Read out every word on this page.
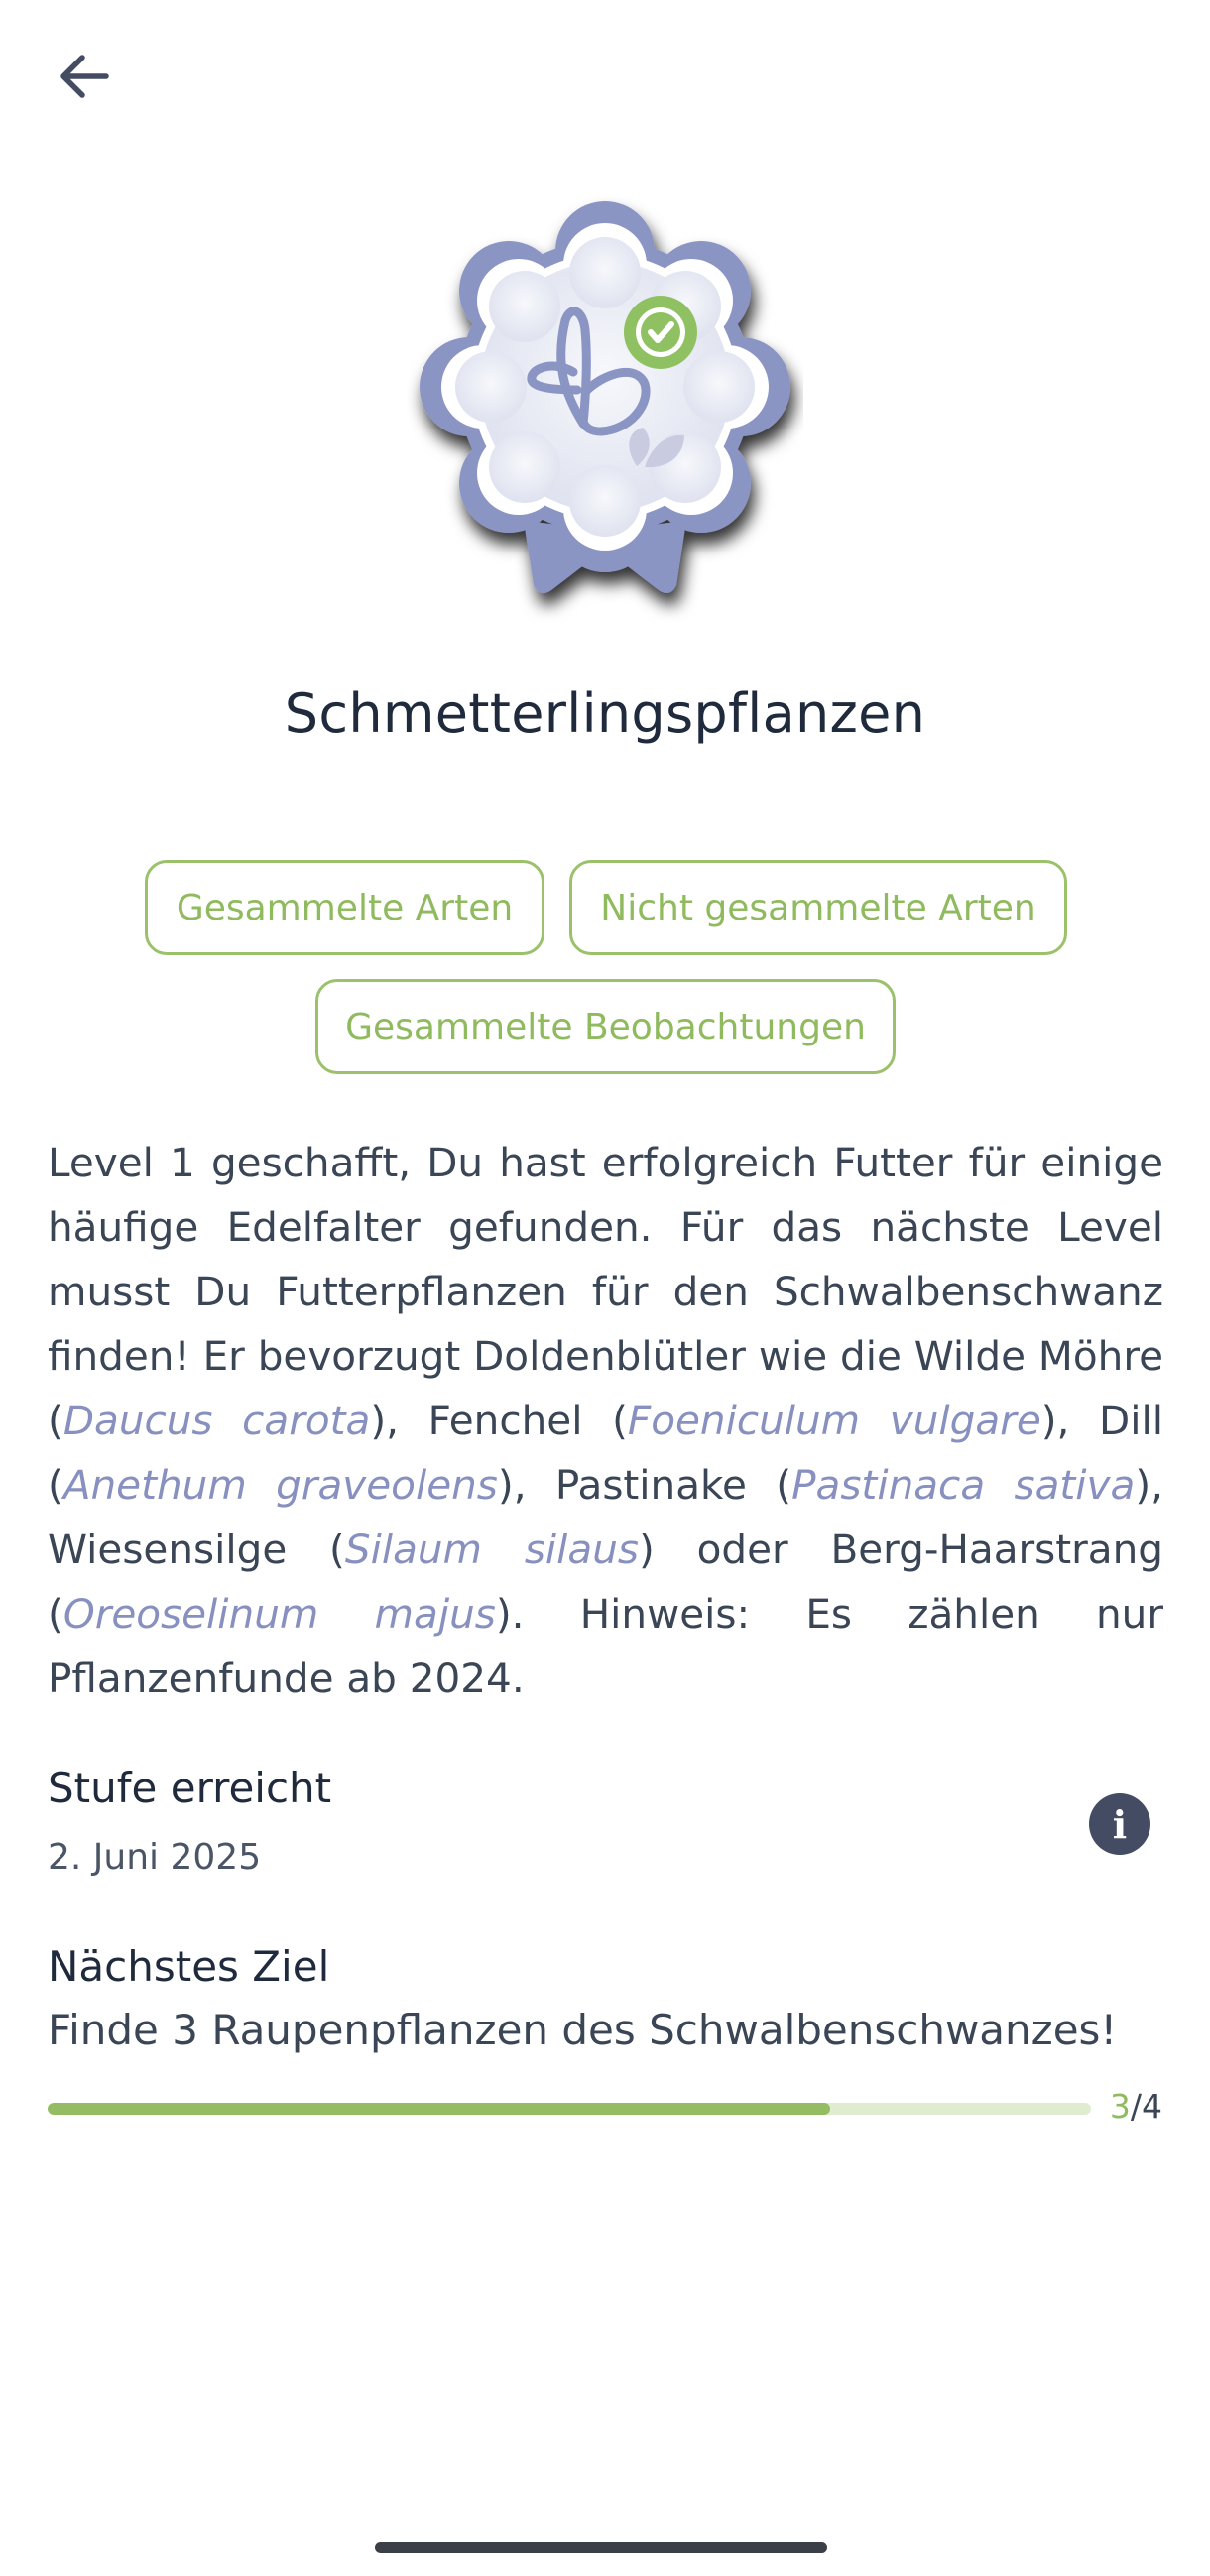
Schmetterlingspflanzen
Gesammelte Arten	Nicht gesammelte Arten
Gesammelte Beobachtungen
Level 1 geschafft, Du hast erfolgreich Futter für einige häufige Edelfalter gefunden. Für das nächste Level musst Du Futterpflanzen für den Schwalbenschwanz finden! Er bevorzugt Doldenblütler wie die Wilde Möhre (Daucus carota), Fenchel (Foeniculum vulgare), Dill (Anethum graveolens), Pastinake (Pastinaca sativa), Wiesensilge (Silaum silaus) oder Berg-Haarstrang (Oreoselinum majus). Hinweis: Es zählen nur Pflanzenfunde ab 2024.
Stufe erreicht
2. Juni 2025
i
Nächstes Ziel
Finde 3 Raupenpflanzen des Schwalbenschwanzes!
3/4
